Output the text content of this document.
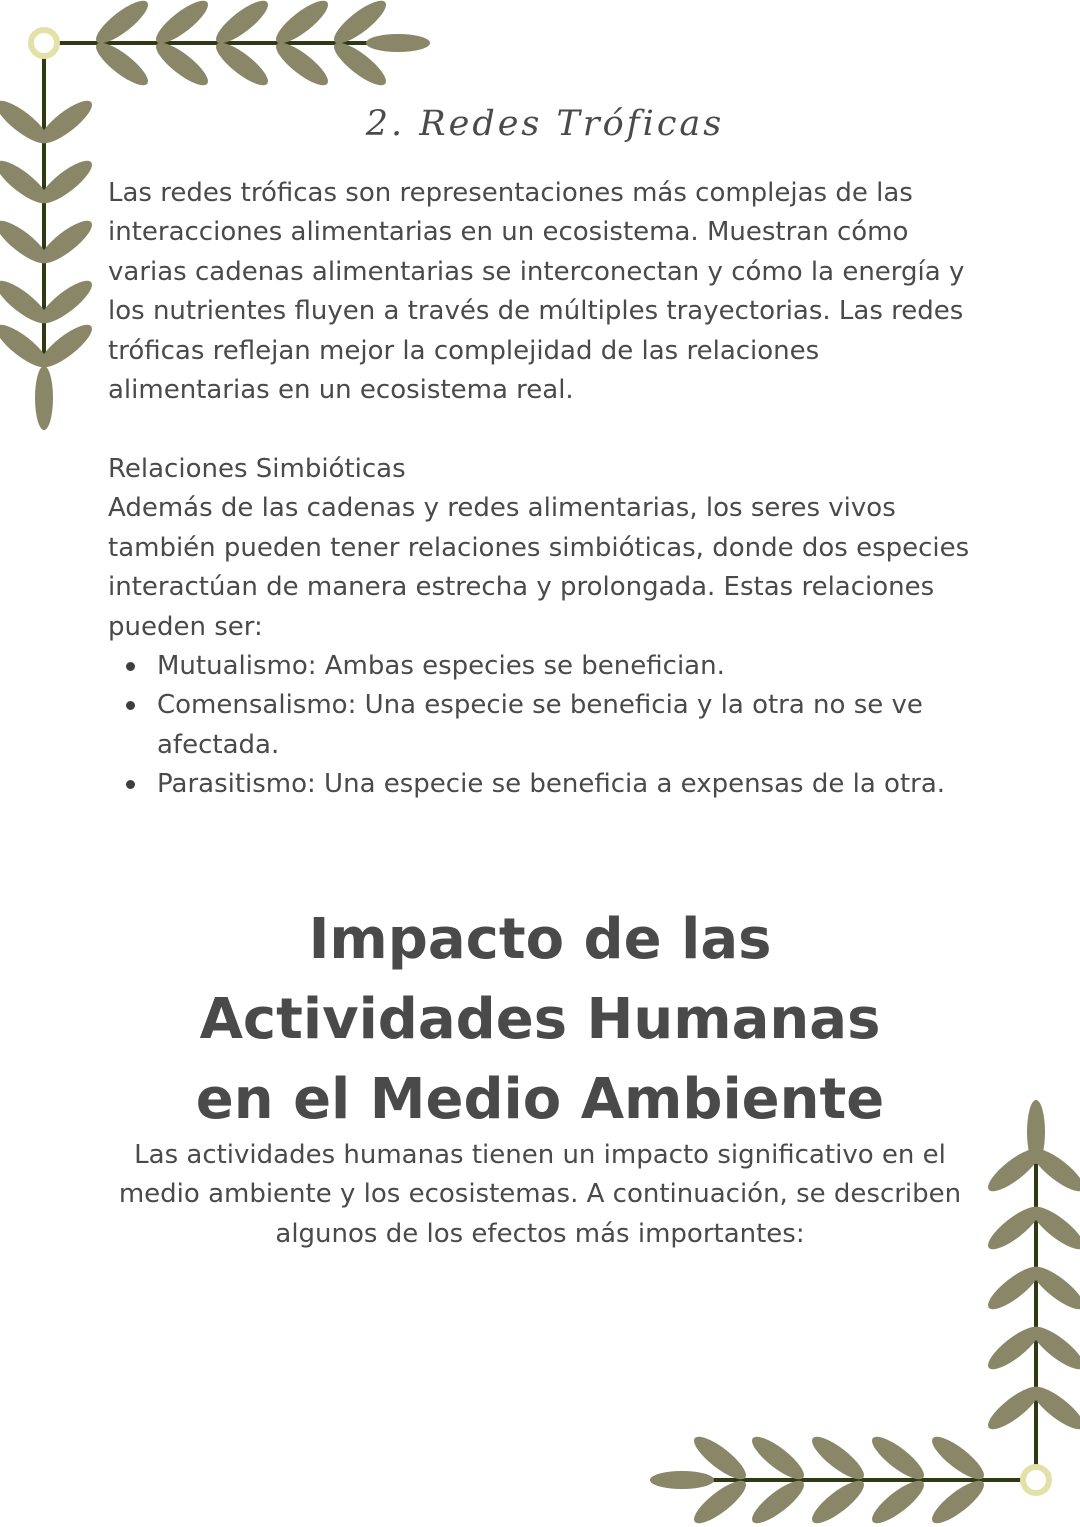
2. Redes Tróficas

Las redes tróficas son representaciones más complejas de las interacciones alimentarias en un ecosistema. Muestran cómo varias cadenas alimentarias se interconectan y cómo la energía y los nutrientes fluyen a través de múltiples trayectorias. Las redes tróficas reflejan mejor la complejidad de las relaciones alimentarias en un ecosistema real.

Relaciones Simbióticas

Además de las cadenas y redes alimentarias, los seres vivos también pueden tener relaciones simbióticas, donde dos especies interactúan de manera estrecha y prolongada. Estas relaciones pueden ser:

Mutualismo: Ambas especies se benefician.
Comensalismo: Una especie se beneficia y la otra no se ve afectada.
Parasitismo: Una especie se beneficia a expensas de la otra.
Impacto de las
Actividades Humanas
en el Medio Ambiente

Las actividades humanas tienen un impacto significativo en el medio ambiente y los ecosistemas. A continuación, se describen algunos de los efectos más importantes:
